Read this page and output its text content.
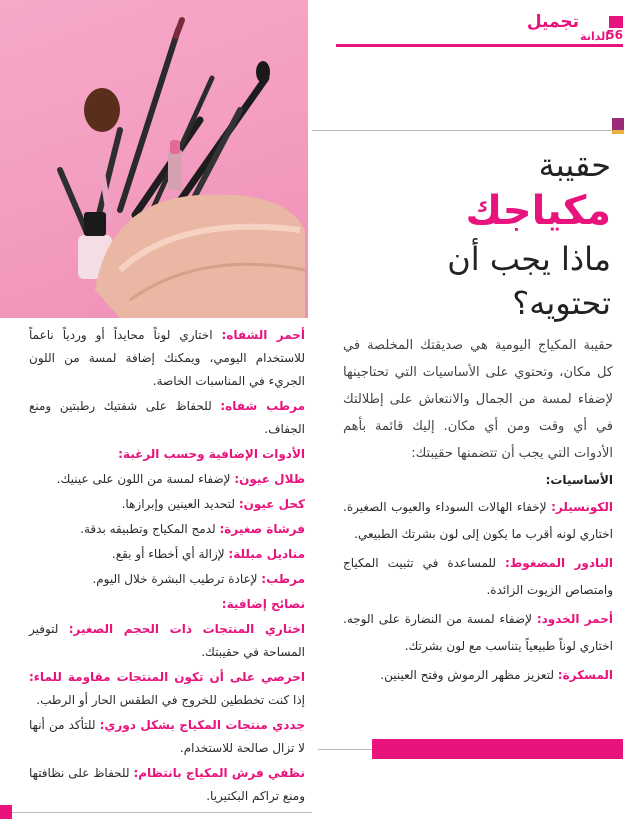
تجميل
56
الدانة
حقيبة
مكياجك
ماذا يجب أن
تحتويه؟

حقيبة المكياج اليومية هي صديقتك المخلصة في كل مكان، وتحتوي على الأساسيات التي تحتاجينها لإضفاء لمسة من الجمال والانتعاش على إطلالتك في أي وقت ومن أي مكان. إليك قائمة بأهم الأدوات التي يجب أن تتضمنها حقيبتك:

الأساسيات:

الكونسيلر: لإخفاء الهالات السوداء والعيوب الصغيرة. اختاري لونه أقرب ما يكون إلى لون بشرتك الطبيعي.

البادور المضغوط: للمساعدة في تثبيت المكياج وامتصاص الزيوت الزائدة.

أحمر الخدود: لإضفاء لمسة من النضارة على الوجه. اختاري لوناً طبيعياً يتناسب مع لون بشرتك.

المسكرة: لتعزيز مظهر الرموش وفتح العينين.

أحمر الشفاه: اختاري لوناً محايداً أو وردياً ناعماً للاستخدام اليومي، ويمكنك إضافة لمسة من اللون الجريء في المناسبات الخاصة.

مرطب شفاه: للحفاظ على شفتيك رطبتين ومنع الجفاف.

الأدوات الإضافية وحسب الرغبة:

ظلال عيون: لإضفاء لمسة من اللون على عينيك.

كحل عيون: لتحديد العينين وإبرازها.

فرشاة صغيرة: لدمج المكياج وتطبيقه بدقة.

مناديل مبللة: لإزالة أي أخطاء أو بقع.

مرطب: لإعادة ترطيب البشرة خلال اليوم.

نصائح إضافية:

اختاري المنتجات ذات الحجم الصغير: لتوفير المساحة في حقيبتك.

احرصي على أن تكون المنتجات مقاومة للماء: إذا كنت تخططين للخروج في الطقس الحار أو الرطب.

جددي منتجات المكياج بشكل دوري: للتأكد من أنها لا تزال صالحة للاستخدام.

نظفي فرش المكياج بانتظام: للحفاظ على نظافتها ومنع تراكم البكتيريا.
